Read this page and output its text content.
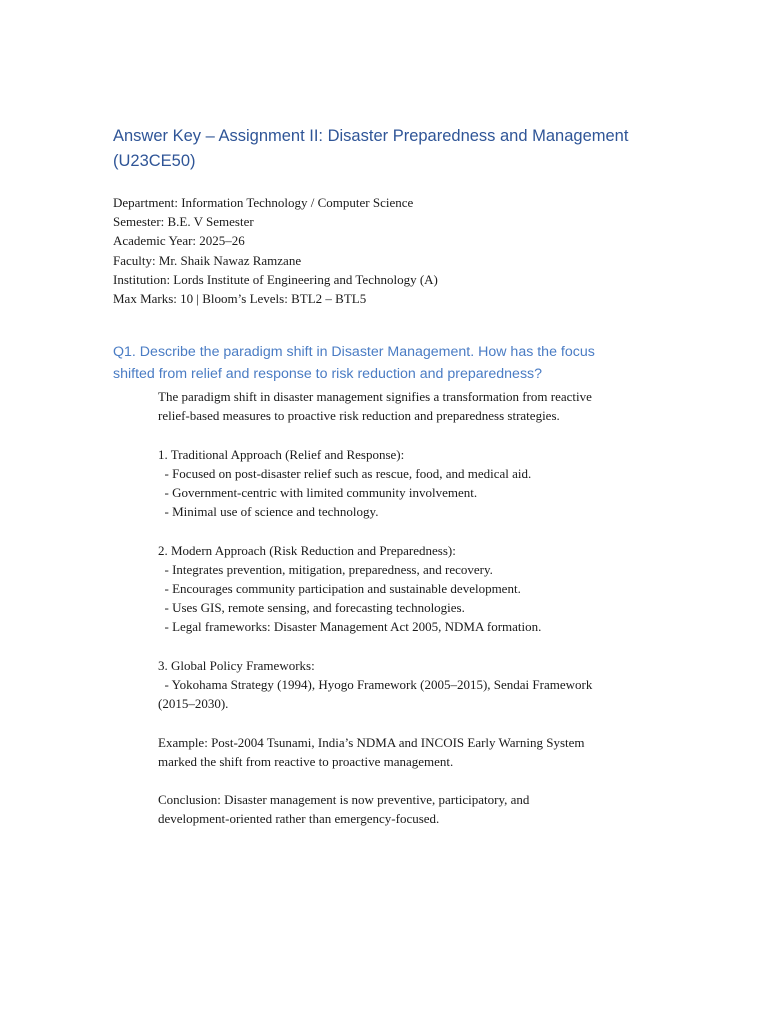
Answer Key – Assignment II: Disaster Preparedness and Management
(U23CE50)
Department: Information Technology / Computer Science
Semester: B.E. V Semester
Academic Year: 2025–26
Faculty: Mr. Shaik Nawaz Ramzane
Institution: Lords Institute of Engineering and Technology (A)
Max Marks: 10 | Bloom’s Levels: BTL2 – BTL5
Q1. Describe the paradigm shift in Disaster Management. How has the focus
shifted from relief and response to risk reduction and preparedness?
The paradigm shift in disaster management signifies a transformation from reactive
relief-based measures to proactive risk reduction and preparedness strategies.
1. Traditional Approach (Relief and Response):
- Focused on post-disaster relief such as rescue, food, and medical aid.
- Government-centric with limited community involvement.
- Minimal use of science and technology.
2. Modern Approach (Risk Reduction and Preparedness):
- Integrates prevention, mitigation, preparedness, and recovery.
- Encourages community participation and sustainable development.
- Uses GIS, remote sensing, and forecasting technologies.
- Legal frameworks: Disaster Management Act 2005, NDMA formation.
3. Global Policy Frameworks:
- Yokohama Strategy (1994), Hyogo Framework (2005–2015), Sendai Framework
(2015–2030).
Example: Post-2004 Tsunami, India’s NDMA and INCOIS Early Warning System
marked the shift from reactive to proactive management.
Conclusion: Disaster management is now preventive, participatory, and
development-oriented rather than emergency-focused.
